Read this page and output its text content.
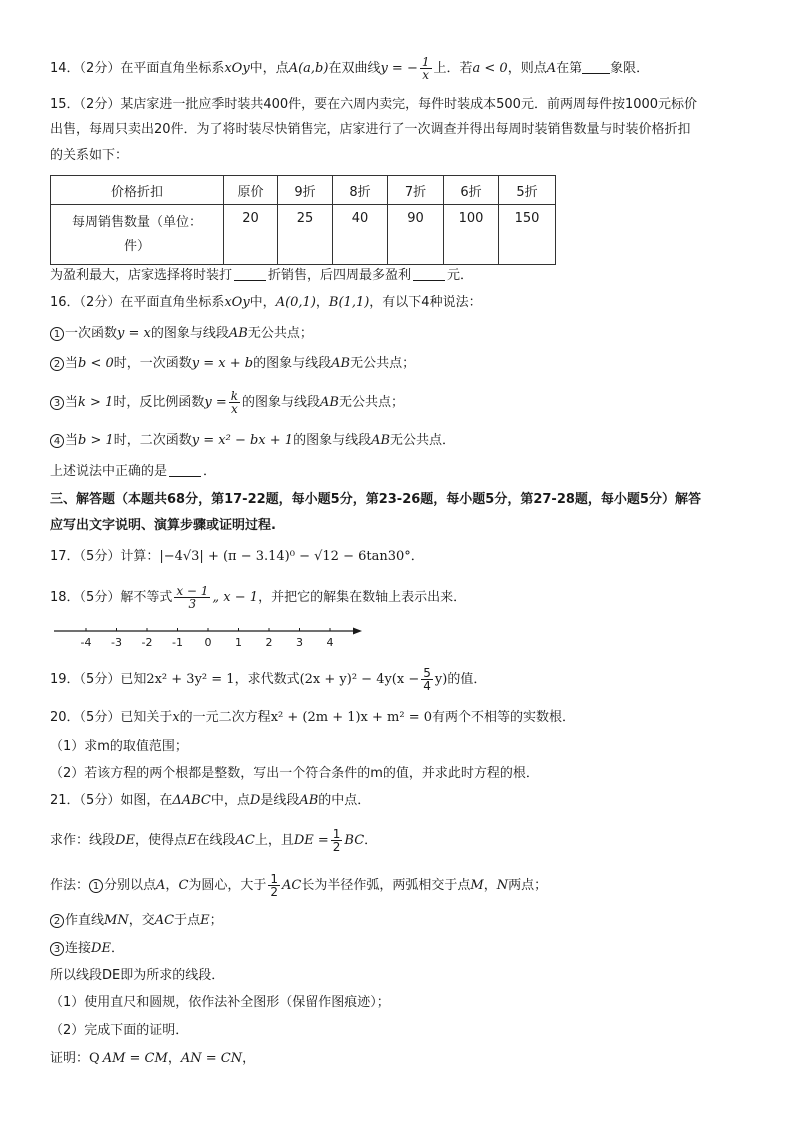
14．（2分）在平面直角坐标系xOy中，点A(a,b)在双曲线y = − $\frac{1}{x}$ 上．若a < 0，则点A在第 象限．
15．（2分）某店家进一批应季时装共400件，要在六周内卖完，每件时装成本500元．前两周每件按1000元标价
出售，每周只卖出20件．为了将时装尽快销售完，店家进行了一次调查并得出每周时装销售数量与时装价格折扣
的关系如下：
价格折扣	原价	9折	8折	7折	6折	5折

每周销售数量（单位：
件）	20	25	40	90	100	150
为盈利最大，店家选择将时装打	折销售，后四周最多盈利	元．
16．（2分）在平面直角坐标系xOy中，A(0,1)，B(1,1)，有以下4种说法：
1 一次函数y = x的图象与线段AB无公共点；
2 当b < 0时，一次函数y = x + b的图象与线段AB无公共点；
3 当k > 1时，反比例函数$y = \frac{k}{x}$ 的图象与线段AB无公共点；
4 当b > 1时，二次函数y = x² − bx + 1的图象与线段AB无公共点．
上述说法中正确的是	．
三、解答题（本题共68分，第17-22题，每小题5分，第23-26题，每小题5分，第27-28题，每小题5分）解答
应写出文字说明、演算步骤或证明过程.
17．（5分）计算：|−4√3| + (π − 3.14)⁰ − √12 − 6tan30°．
18．（5分）解不等式 $\frac{x - 1}{3}$ „ x − 1，并把它的解集在数轴上表示出来．
-4 -3 -2 -1 0 1 2 3 4
19．（5分）已知2x² + 3y² = 1，求代数式$(2x + y)^2 - 4y(x - \frac{5}{4} y)$的值．
20．（5分）已知关于x的一元二次方程x² + (2m + 1)x + m² = 0有两个不相等的实数根．
（1）求m的取值范围；
（2）若该方程的两个根都是整数，写出一个符合条件的m的值，并求此时方程的根．
21．（5分）如图，在ΔABC中，点D是线段AB的中点．
求作：线段DE，使得点E在线段AC上，且DE = $\frac{1}{2}$ BC．
作法： 1 分别以点A，C为圆心，大于 $\frac{1}{2}$ AC长为半径作弧，两弧相交于点M，N两点；
2 作直线MN，交AC于点E；
3 连接DE．
所以线段DE即为所求的线段．
（1）使用直尺和圆规，依作法补全图形（保留作图痕迹）；
（2）完成下面的证明．
证明：Q AM = CM，AN = CN，
